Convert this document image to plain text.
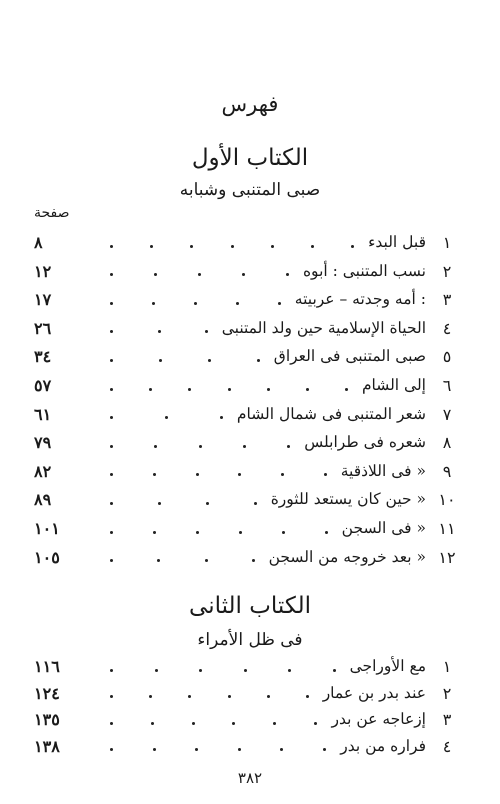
فهرس
الكتاب الأول
صبى المتنبى وشبابه
صفحة
١
قبل البدء
٨
٢
نسب المتنبى : أبوه
١٢
٣
: أمه وجدته – عربيته
١٧
٤
الحياة الإسلامية حين ولد المتنبى
٢٦
٥
صبى المتنبى فى العراق
٣٤
٦
إلى الشام
٥٧
٧
شعر المتنبى فى شمال الشام
٦١
٨
شعره فى طرابلس
٧٩
٩
« فى اللاذقية
٨٢
١٠
« حين كان يستعد للثورة
٨٩
١١
« فى السجن
١٠١
١٢
« بعد خروجه من السجن
١٠٥
الكتاب الثانى
فى ظل الأمراء
١
مع الأوراجى
١١٦
٢
عند بدر بن عمار
١٢٤
٣
إزعاجه عن بدر
١٣٥
٤
فراره من بدر
١٣٨
٣٨٢
